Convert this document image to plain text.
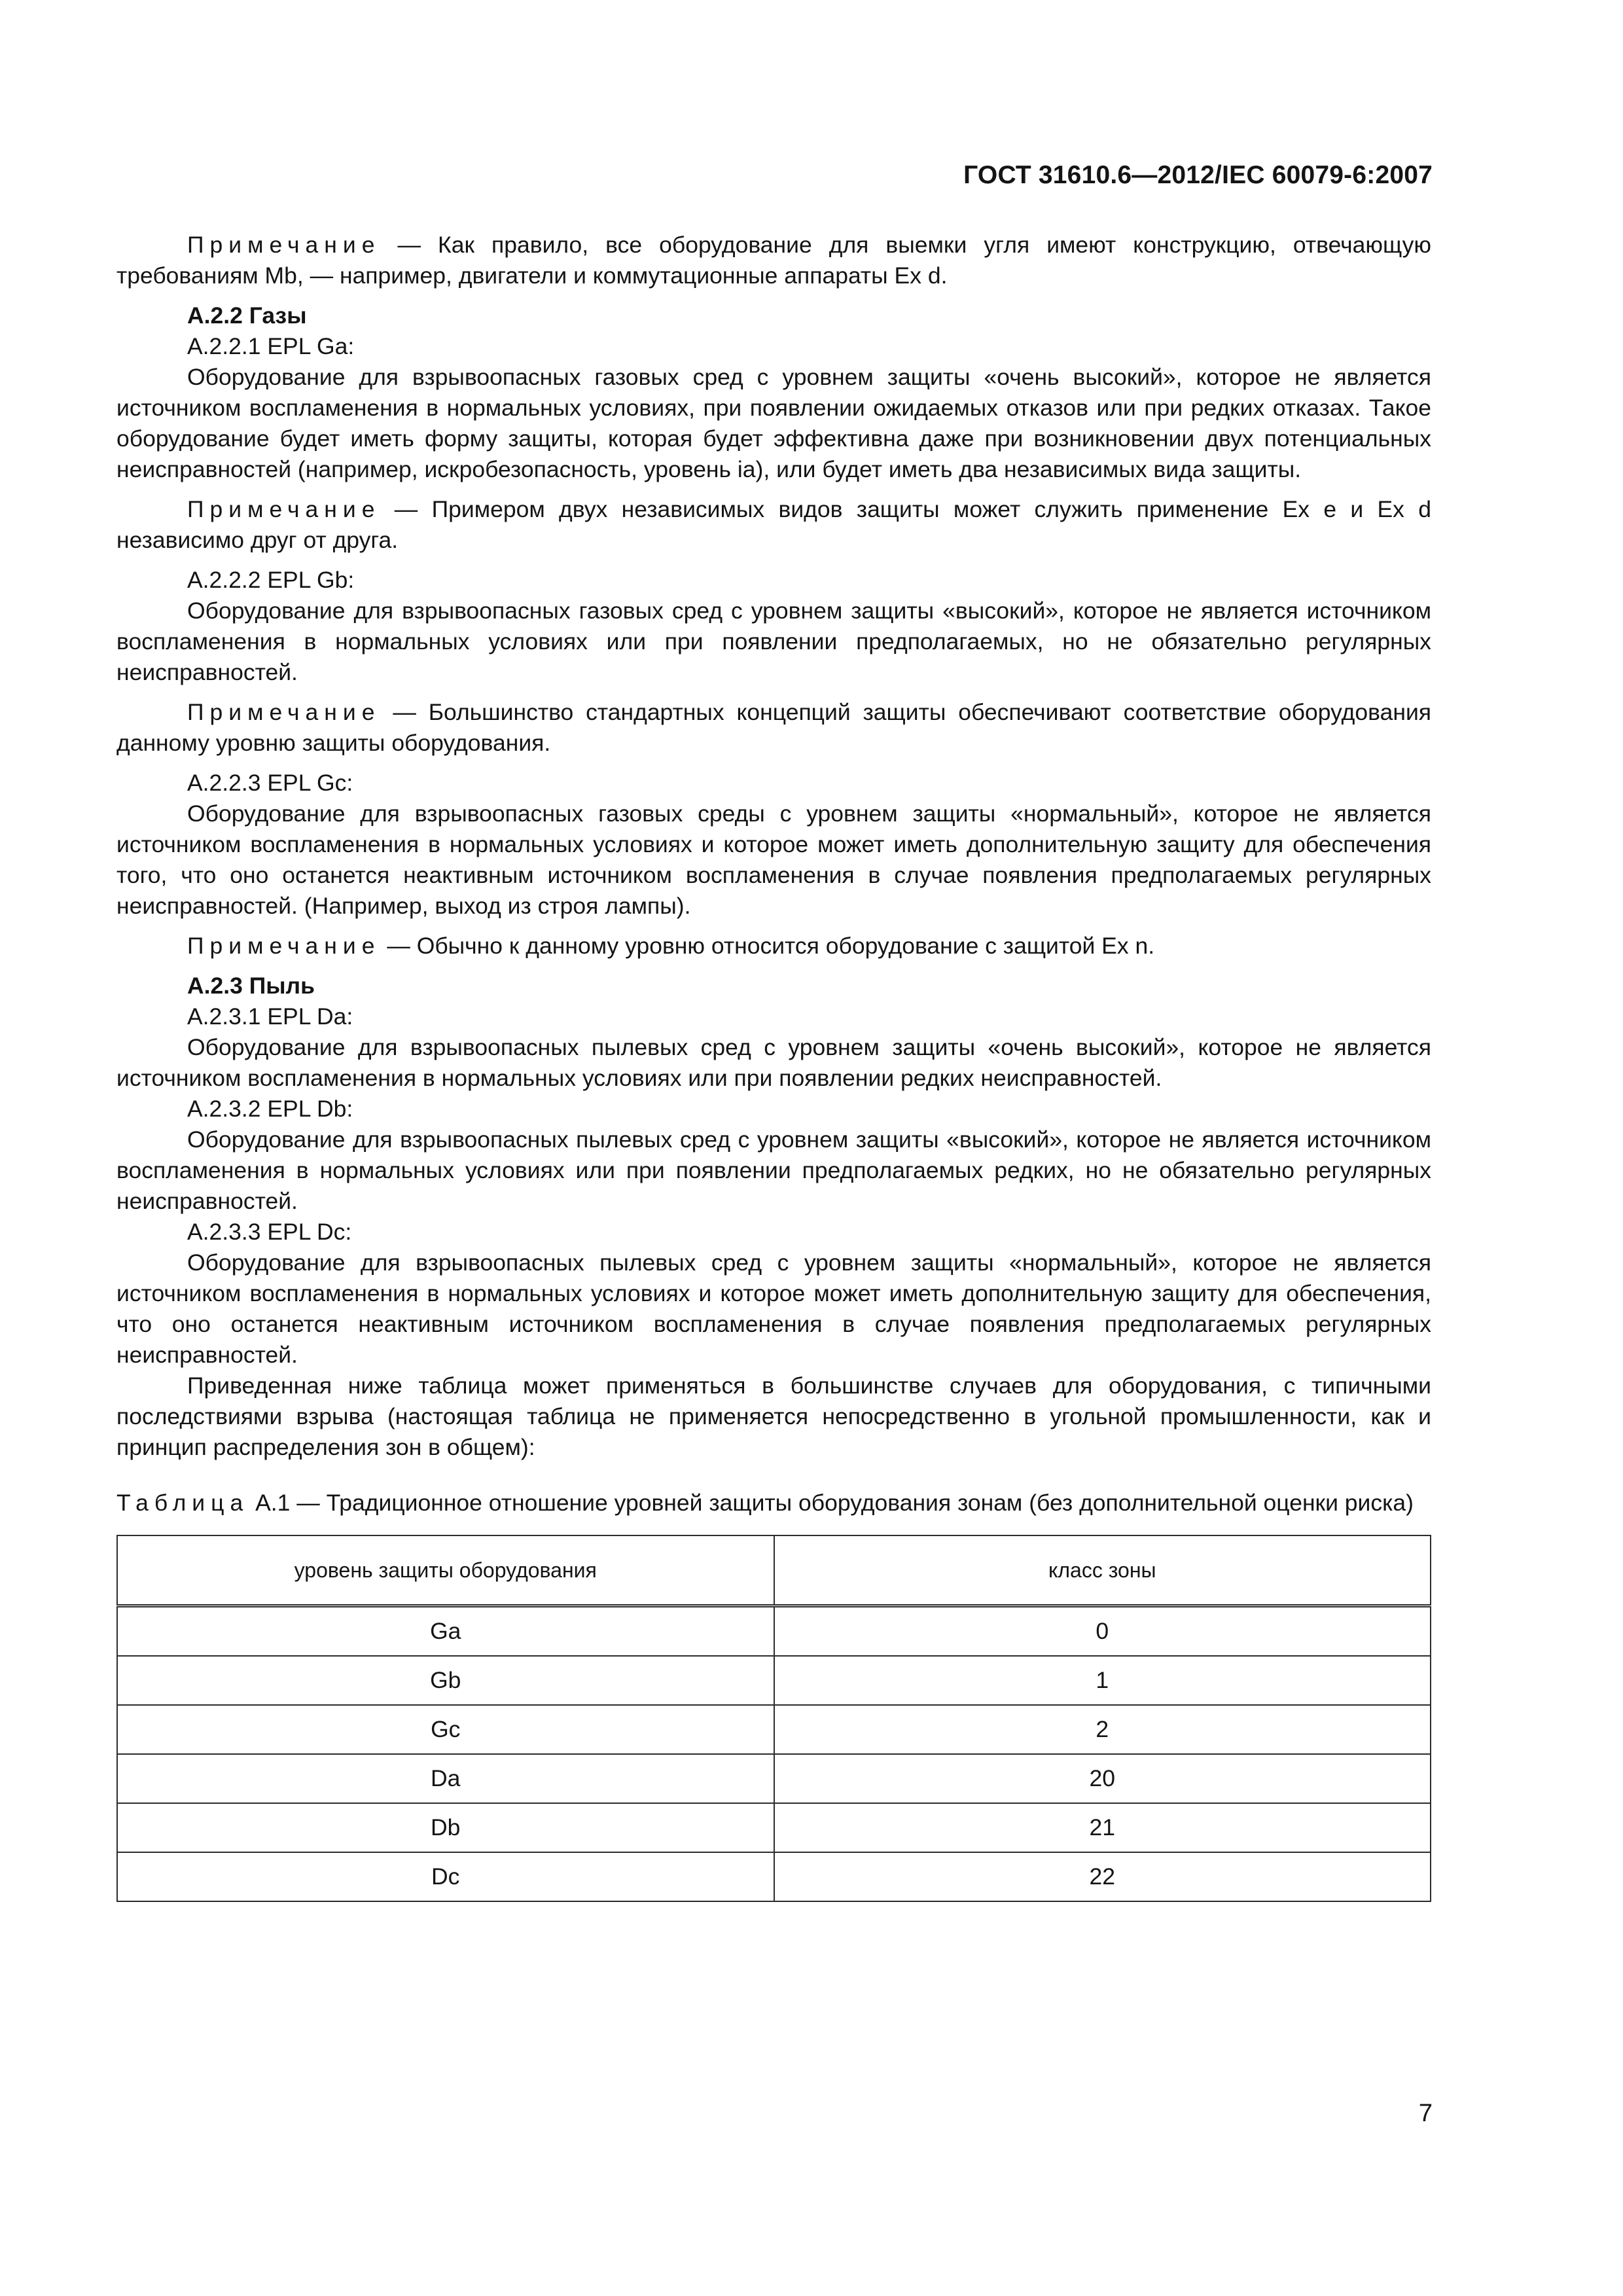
ГОСТ 31610.6—2012/IEC 60079-6:2007

Примечание — Как правило, все оборудование для выемки угля имеют конструкцию, отвечающую требованиям Mb, — например, двигатели и коммутационные аппараты Ex d.

А.2.2 Газы

А.2.2.1 EPL Ga:

Оборудование для взрывоопасных газовых сред с уровнем защиты «очень высокий», которое не является источником воспламенения в нормальных условиях, при появлении ожидаемых отказов или при редких отказах. Такое оборудование будет иметь форму защиты, которая будет эффективна даже при возникновении двух потенциальных неисправностей (например, искробезопасность, уровень ia), или будет иметь два независимых вида защиты.

Примечание — Примером двух независимых видов защиты может служить применение Ex e и Ex d независимо друг от друга.

А.2.2.2 EPL Gb:

Оборудование для взрывоопасных газовых сред с уровнем защиты «высокий», которое не является источником воспламенения в нормальных условиях или при появлении предполагаемых, но не обязательно регулярных неисправностей.

Примечание — Большинство стандартных концепций защиты обеспечивают соответствие оборудования данному уровню защиты оборудования.

А.2.2.3 EPL Gc:

Оборудование для взрывоопасных газовых среды с уровнем защиты «нормальный», которое не является источником воспламенения в нормальных условиях и которое может иметь дополнительную защиту для обеспечения того, что оно останется неактивным источником воспламенения в случае появления предполагаемых регулярных неисправностей. (Например, выход из строя лампы).

Примечание — Обычно к данному уровню относится оборудование с защитой Ex n.

А.2.3 Пыль

А.2.3.1 EPL Da:

Оборудование для взрывоопасных пылевых сред с уровнем защиты «очень высокий», которое не является источником воспламенения в нормальных условиях или при появлении редких неисправностей.

А.2.3.2 EPL Db:

Оборудование для взрывоопасных пылевых сред с уровнем защиты «высокий», которое не является источником воспламенения в нормальных условиях или при появлении предполагаемых редких, но не обязательно регулярных неисправностей.

А.2.3.3 EPL Dc:

Оборудование для взрывоопасных пылевых сред с уровнем защиты «нормальный», которое не является источником воспламенения в нормальных условиях и которое может иметь дополнительную защиту для обеспечения, что оно останется неактивным источником воспламенения в случае появления предполагаемых регулярных неисправностей.

Приведенная ниже таблица может применяться в большинстве случаев для оборудования, с типичными последствиями взрыва (настоящая таблица не применяется непосредственно в угольной промышленности, как и принцип распределения зон в общем):

Таблица А.1 — Традиционное отношение уровней защиты оборудования зонам (без дополнительной оценки риска)

уровень защиты оборудования	класс зоны
Ga	0
Gb	1
Gc	2
Da	20
Db	21
Dc	22
7
